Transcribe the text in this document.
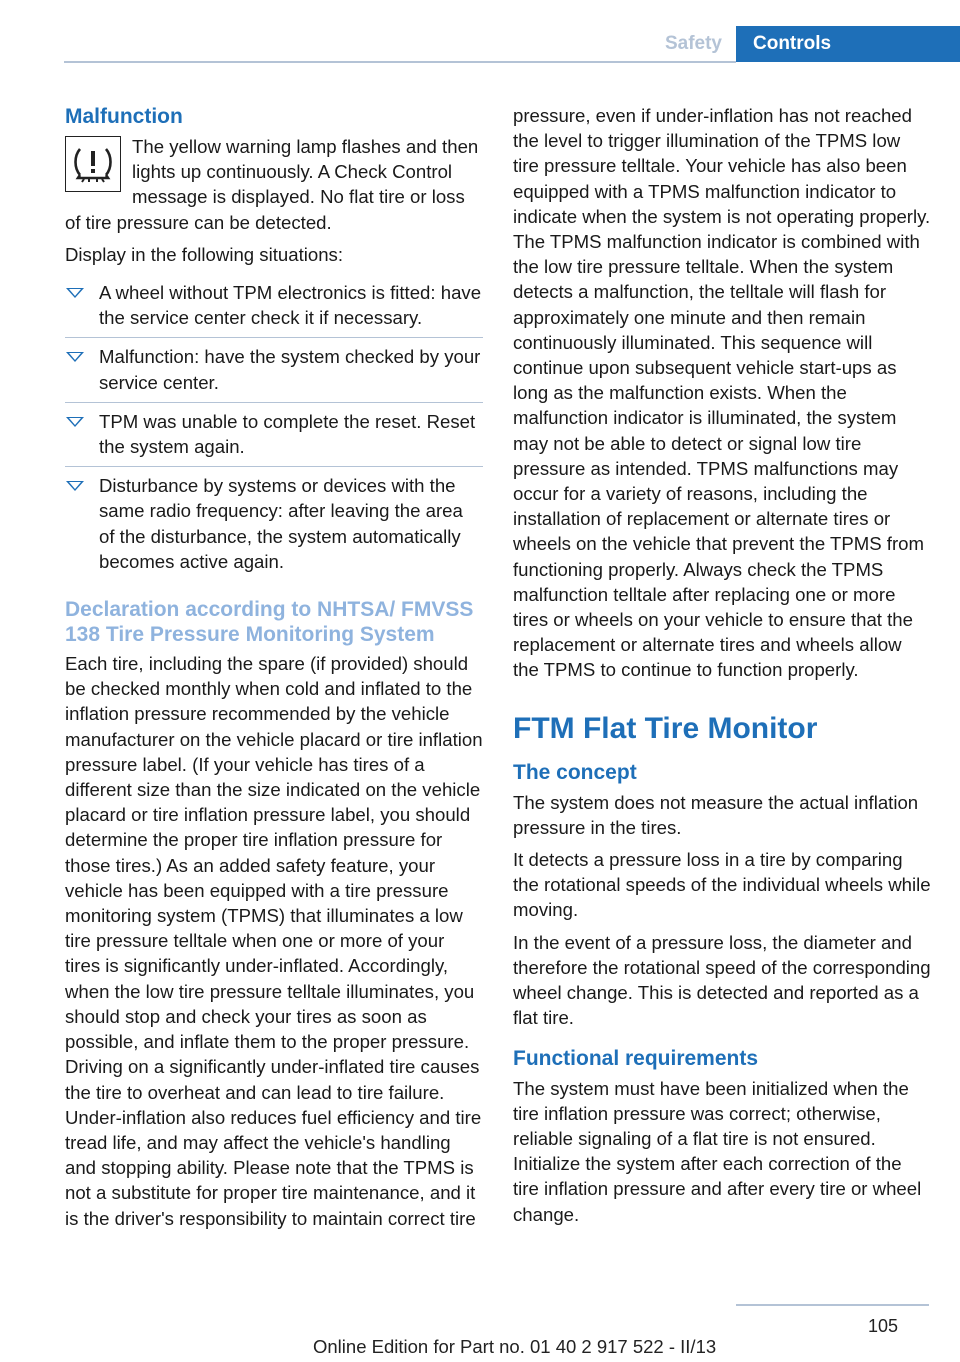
Safety	Controls
Malfunction

The yellow warning lamp flashes and then lights up continuously. A Check Control message is displayed. No flat tire or loss of tire pressure can be detected.

Display in the following situations:

A wheel without TPM electronics is fitted: have the service center check it if necessary.
Malfunction: have the system checked by your service center.
TPM was unable to complete the reset. Reset the system again.
Disturbance by systems or devices with the same radio frequency: after leaving the area of the disturbance, the system automatically becomes active again.
Declaration according to NHTSA/ FMVSS 138 Tire Pressure Monitoring System

Each tire, including the spare (if provided) should be checked monthly when cold and inflated to the inflation pressure recommended by the vehicle manufacturer on the vehicle placard or tire inflation pressure label. (If your vehicle has tires of a different size than the size indicated on the vehicle placard or tire inflation pressure label, you should determine the proper tire inflation pressure for those tires.) As an added safety feature, your vehicle has been equipped with a tire pressure monitoring system (TPMS) that illuminates a low tire pressure telltale when one or more of your tires is significantly under-inflated. Accordingly, when the low tire pressure telltale illuminates, you should stop and check your tires as soon as possible, and inflate them to the proper pressure. Driving on a significantly under-inflated tire causes the tire to overheat and can lead to tire failure. Under-inflation also reduces fuel efficiency and tire tread life, and may affect the vehicle's handling and stopping ability. Please note that the TPMS is not a substitute for proper tire maintenance, and it is the driver's responsibility to maintain correct tire

pressure, even if under-inflation has not reached the level to trigger illumination of the TPMS low tire pressure telltale. Your vehicle has also been equipped with a TPMS malfunction indicator to indicate when the system is not operating properly. The TPMS malfunction indicator is combined with the low tire pressure telltale. When the system detects a malfunction, the telltale will flash for approximately one minute and then remain continuously illuminated. This sequence will continue upon subsequent vehicle start-ups as long as the malfunction exists. When the malfunction indicator is illuminated, the system may not be able to detect or signal low tire pressure as intended. TPMS malfunctions may occur for a variety of reasons, including the installation of replacement or alternate tires or wheels on the vehicle that prevent the TPMS from functioning properly. Always check the TPMS malfunction telltale after replacing one or more tires or wheels on your vehicle to ensure that the replacement or alternate tires and wheels allow the TPMS to continue to function properly.

FTM Flat Tire Monitor
The concept

The system does not measure the actual inflation pressure in the tires.

It detects a pressure loss in a tire by comparing the rotational speeds of the individual wheels while moving.

In the event of a pressure loss, the diameter and therefore the rotational speed of the corresponding wheel change. This is detected and reported as a flat tire.

Functional requirements

The system must have been initialized when the tire inflation pressure was correct; otherwise, reliable signaling of a flat tire is not ensured. Initialize the system after each correction of the tire inflation pressure and after every tire or wheel change.

105
Online Edition for Part no. 01 40 2 917 522 - II/13
